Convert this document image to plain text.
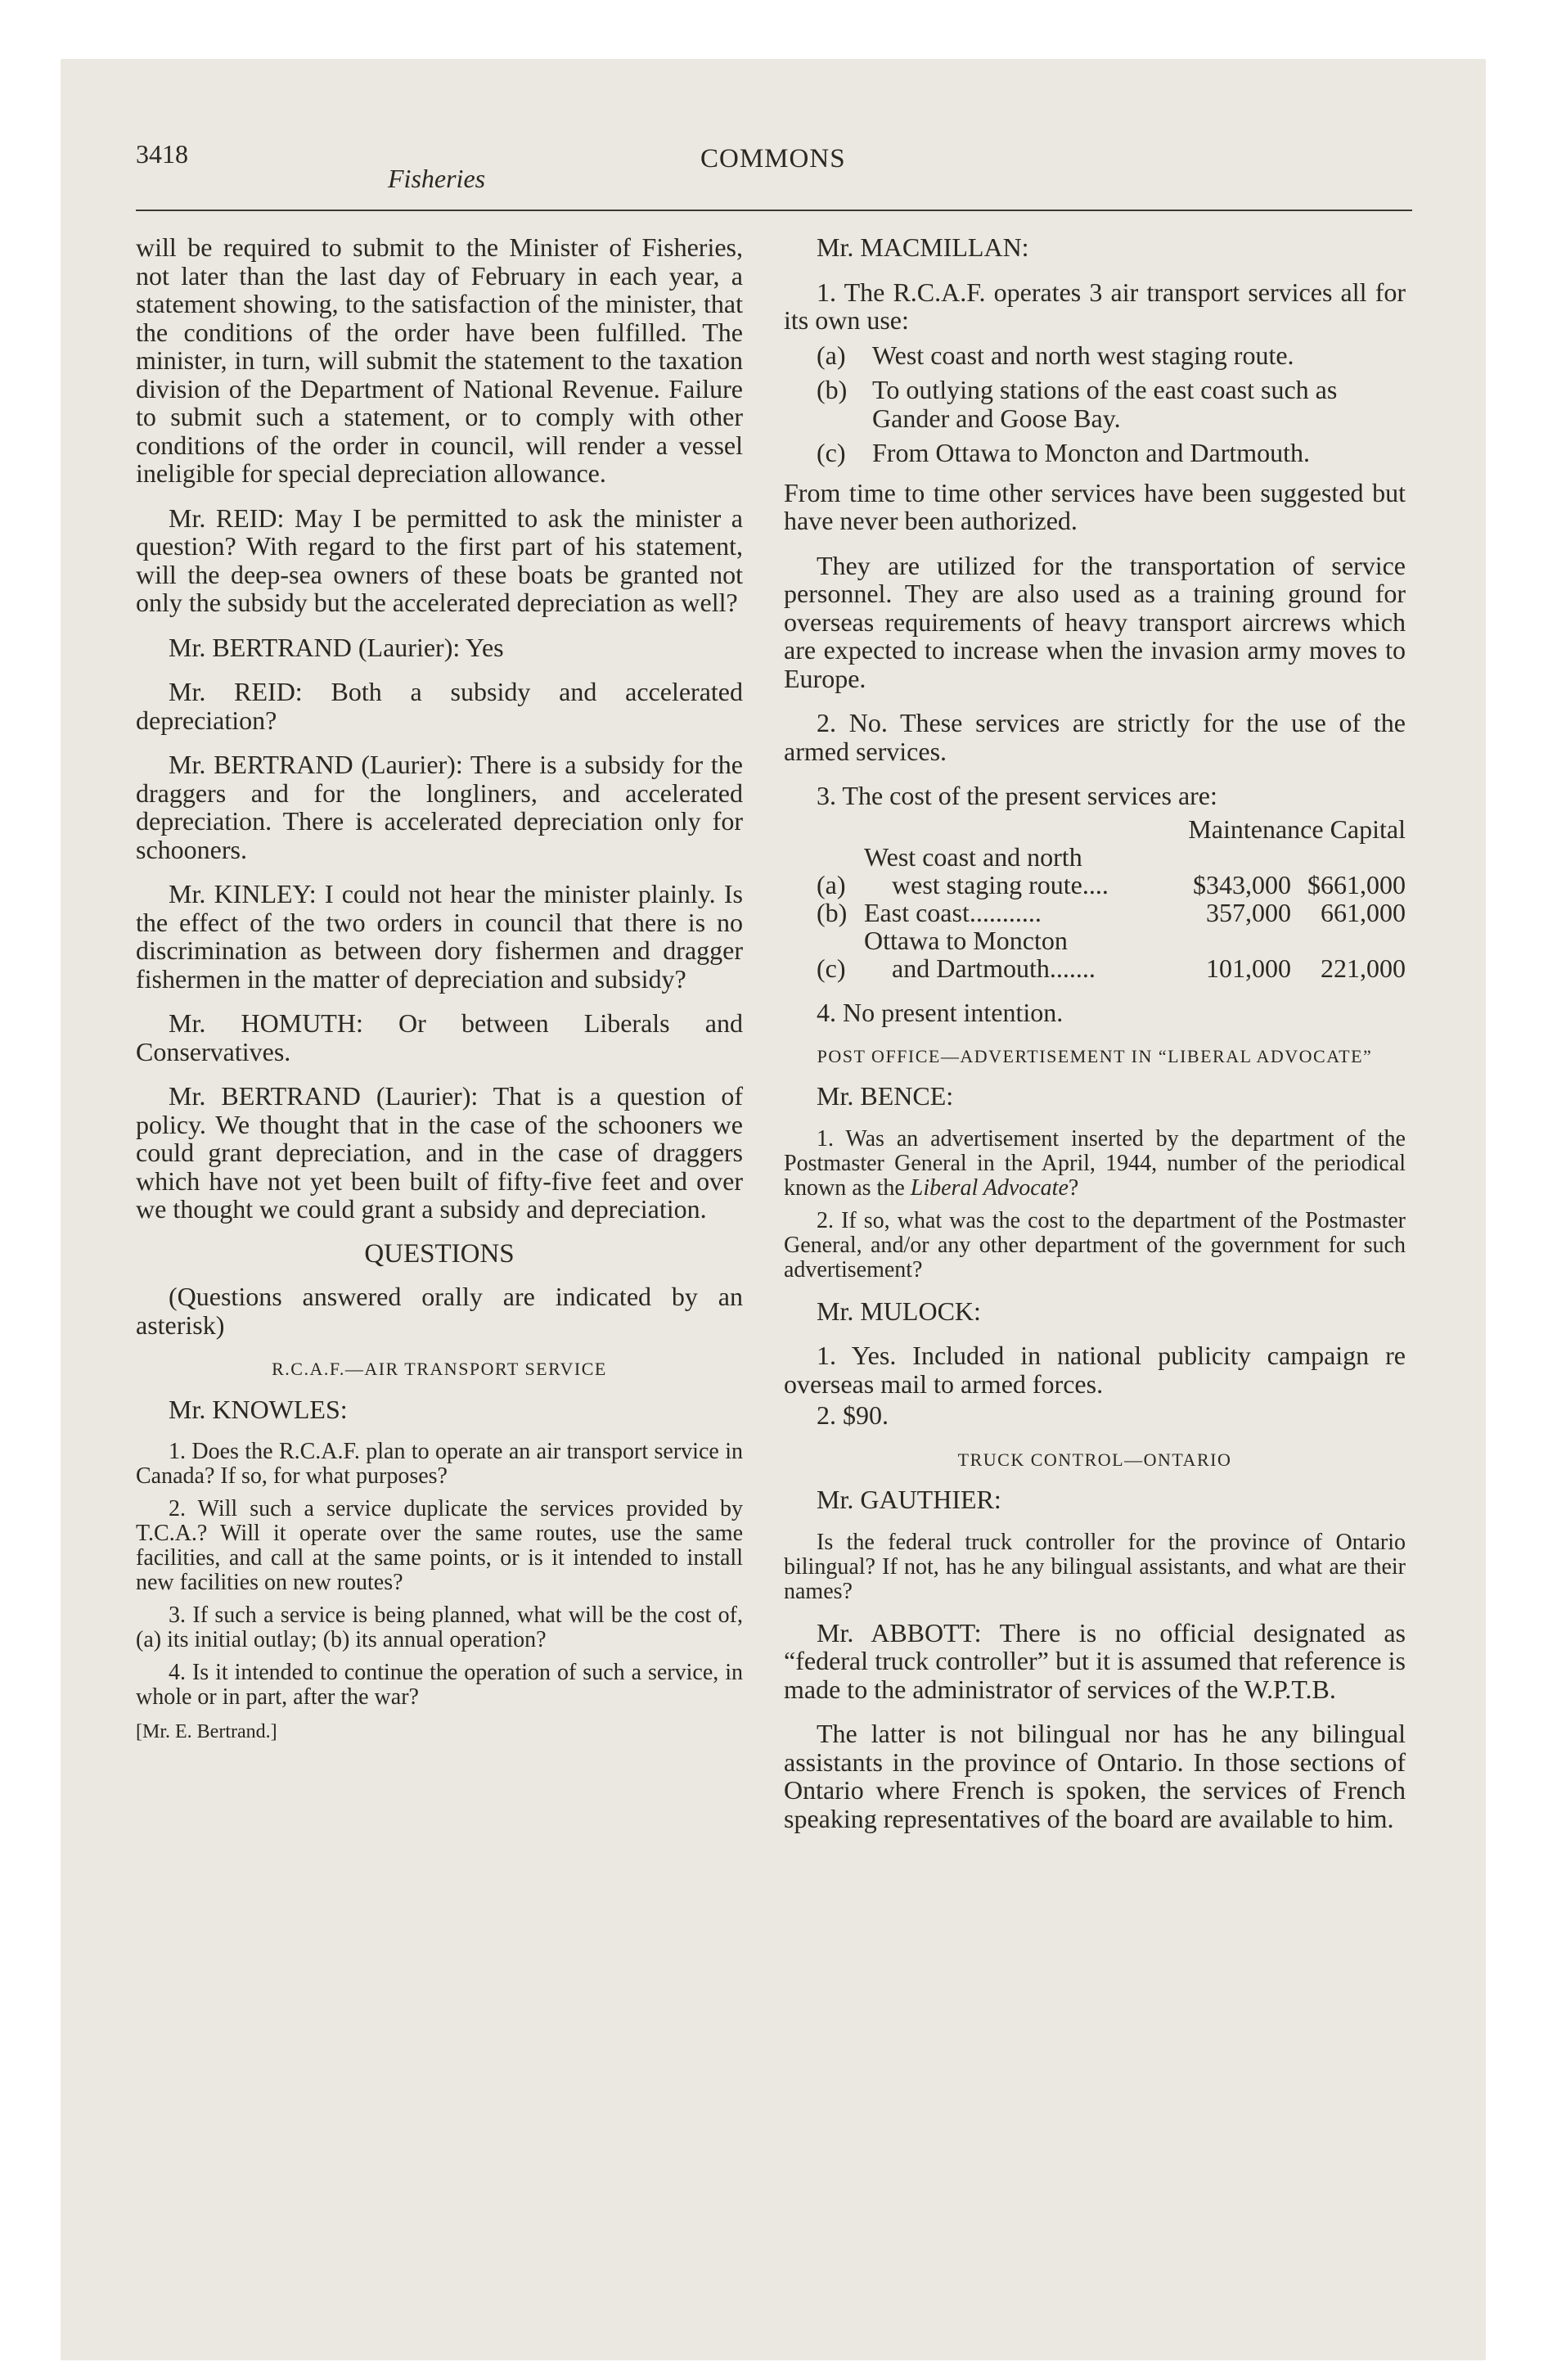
3418
Fisheries
COMMONS

will be required to submit to the Minister of Fisheries, not later than the last day of February in each year, a statement showing, to the satisfaction of the minister, that the conditions of the order have been fulfilled. The minister, in turn, will submit the statement to the taxation division of the Department of National Revenue. Failure to submit such a statement, or to comply with other conditions of the order in council, will render a vessel ineligible for special depreciation allowance.

Mr. REID: May I be permitted to ask the minister a question? With regard to the first part of his statement, will the deep-sea owners of these boats be granted not only the subsidy but the accelerated depreciation as well?

Mr. BERTRAND (Laurier): Yes

Mr. REID: Both a subsidy and accelerated depreciation?

Mr. BERTRAND (Laurier): There is a subsidy for the draggers and for the longliners, and accelerated depreciation. There is accelerated depreciation only for schooners.

Mr. KINLEY: I could not hear the minister plainly. Is the effect of the two orders in council that there is no discrimination as between dory fishermen and dragger fishermen in the matter of depreciation and subsidy?

Mr. HOMUTH: Or between Liberals and Conservatives.

Mr. BERTRAND (Laurier): That is a question of policy. We thought that in the case of the schooners we could grant depreciation, and in the case of draggers which have not yet been built of fifty-five feet and over we thought we could grant a subsidy and depreciation.

QUESTIONS

(Questions answered orally are indicated by an asterisk)

R.C.A.F.—AIR TRANSPORT SERVICE

Mr. KNOWLES:

1. Does the R.C.A.F. plan to operate an air transport service in Canada? If so, for what purposes?

2. Will such a service duplicate the services provided by T.C.A.? Will it operate over the same routes, use the same facilities, and call at the same points, or is it intended to install new facilities on new routes?

3. If such a service is being planned, what will be the cost of, (a) its initial outlay; (b) its annual operation?

4. Is it intended to continue the operation of such a service, in whole or in part, after the war?

[Mr. E. Bertrand.]

Mr. MACMILLAN:

1. The R.C.A.F. operates 3 air transport services all for its own use:

(a) West coast and north west staging route.
(b) To outlying stations of the east coast such as Gander and Goose Bay.
(c) From Ottawa to Moncton and Dartmouth.

From time to time other services have been suggested but have never been authorized.

They are utilized for the transportation of service personnel. They are also used as a training ground for overseas requirements of heavy transport aircrews which are expected to increase when the invasion army moves to Europe.

2. No. These services are strictly for the use of the armed services.

3. The cost of the present services are:

		Maintenance Capital	
(a)	West coast and north
west staging route....	$343,000	$661,000
(b)	East coast...........	357,000	661,000
(c)	Ottawa to Moncton
and Dartmouth.......	101,000	221,000

4. No present intention.

POST OFFICE—ADVERTISEMENT IN “LIBERAL ADVOCATE”

Mr. BENCE:

1. Was an advertisement inserted by the department of the Postmaster General in the April, 1944, number of the periodical known as the Liberal Advocate?

2. If so, what was the cost to the department of the Postmaster General, and/or any other department of the government for such advertisement?

Mr. MULOCK:

1. Yes. Included in national publicity campaign re overseas mail to armed forces.

2. $90.

TRUCK CONTROL—ONTARIO

Mr. GAUTHIER:

Is the federal truck controller for the province of Ontario bilingual? If not, has he any bilingual assistants, and what are their names?

Mr. ABBOTT: There is no official designated as “federal truck controller” but it is assumed that reference is made to the administrator of services of the W.P.T.B.

The latter is not bilingual nor has he any bilingual assistants in the province of Ontario. In those sections of Ontario where French is spoken, the services of French speaking representatives of the board are available to him.
